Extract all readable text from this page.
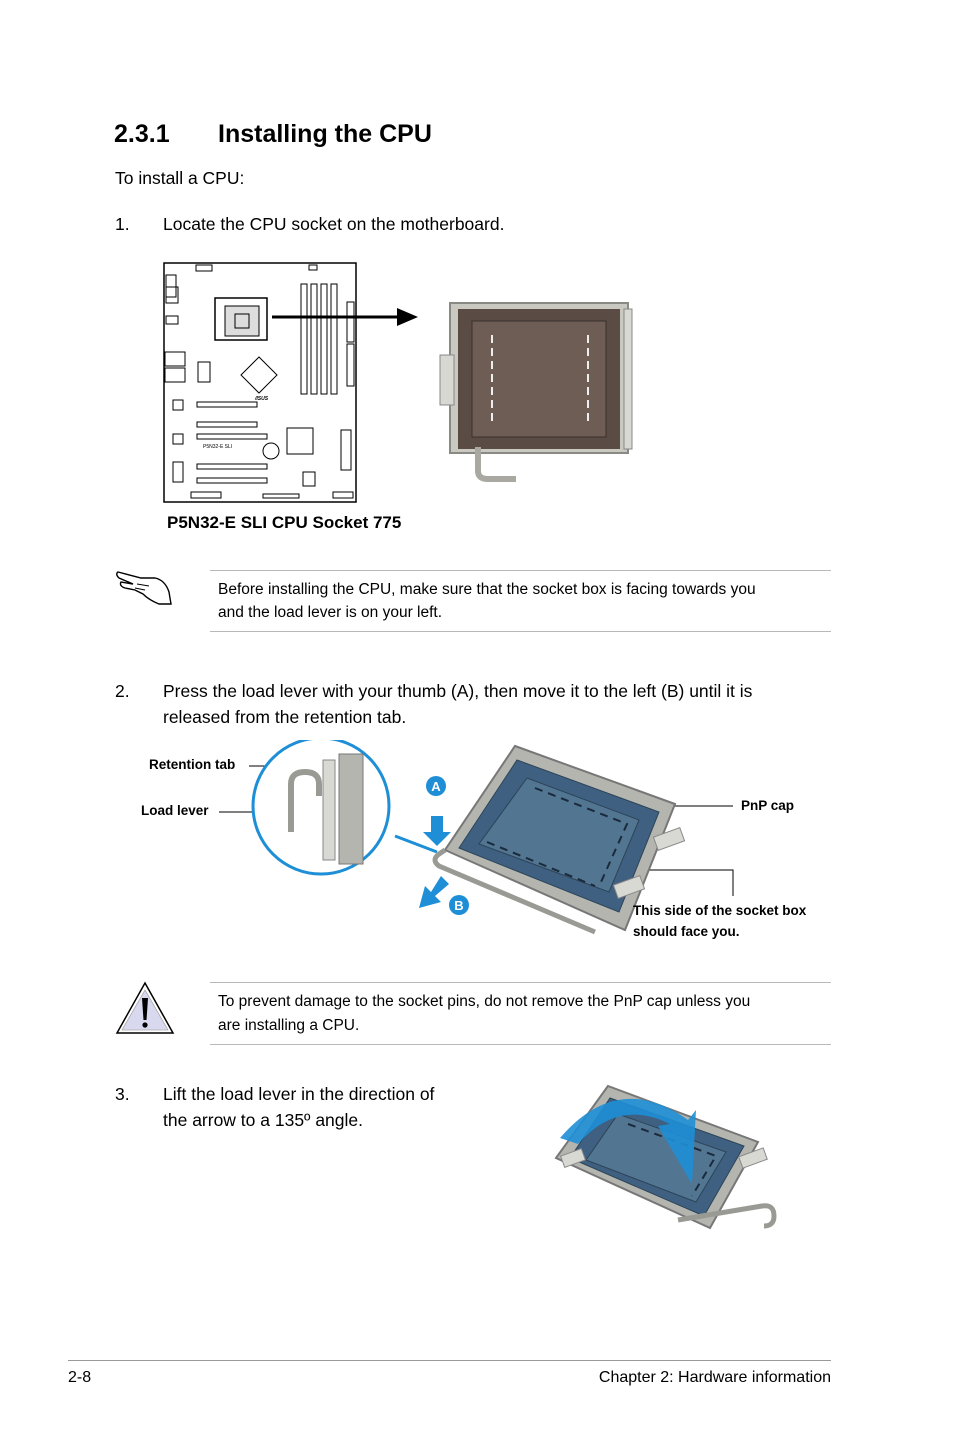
2.3.1 Installing the CPU
To install a CPU:
1. Locate the CPU socket on the motherboard.
P5N32-E SLI
/ISUS
P5N32-E SLI CPU Socket 775
Before installing the CPU, make sure that the socket box is facing towards you
and the load lever is on your left.
2. Press the load lever with your thumb (A), then move it to the left (B) until it is
released from the retention tab.
A
B
Retention tab
Load lever	PnP cap
This side of the socket box
should face you.
To prevent damage to the socket pins, do not remove the PnP cap unless you
are installing a CPU.
3. Lift the load lever in the direction of
the arrow to a 135º angle.
2-8	Chapter 2: Hardware information
